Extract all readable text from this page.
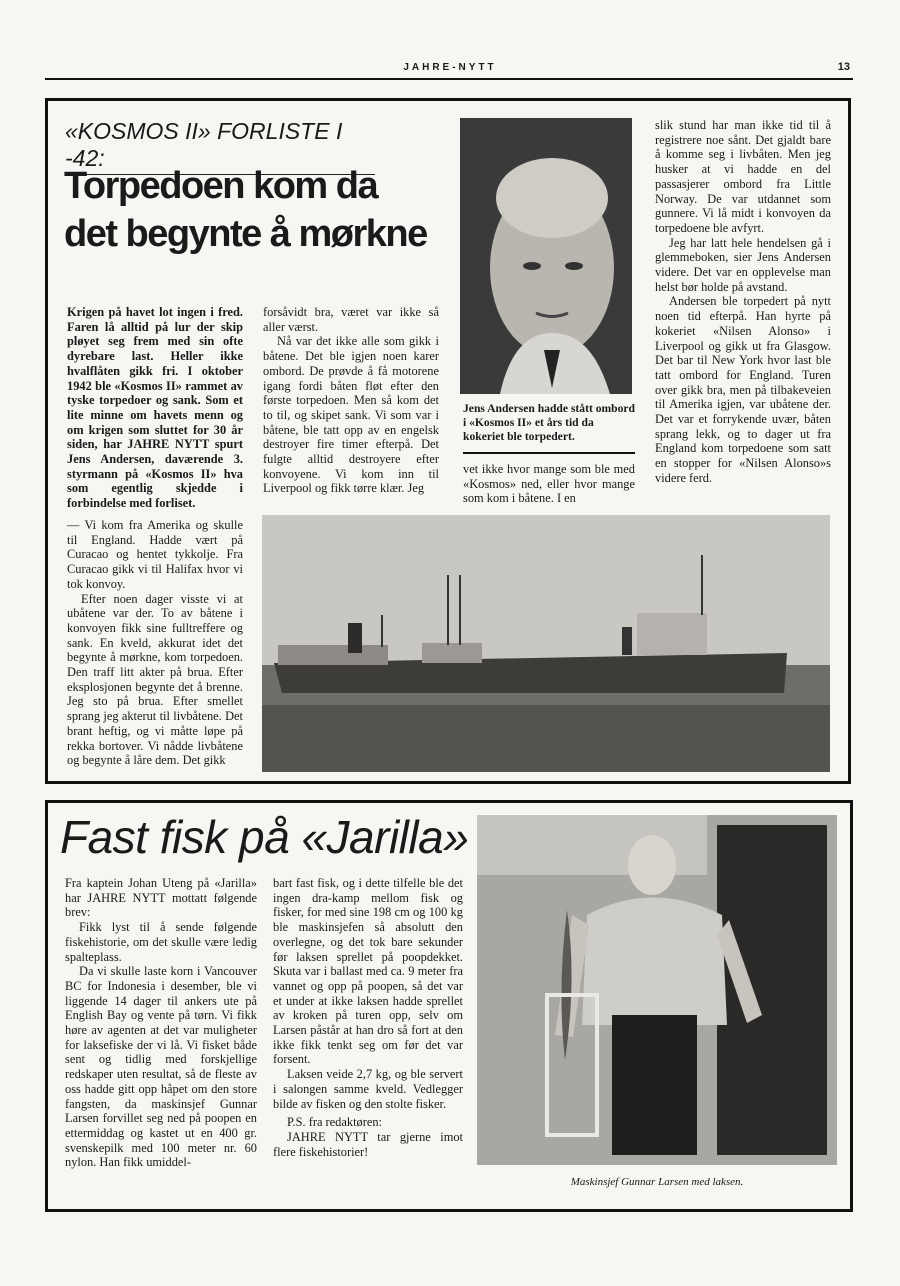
JAHRE-NYTT	13
«KOSMOS II» FORLISTE I -42:
Torpedoen kom da
det begynte å mørkne

Krigen på havet lot ingen i fred. Faren lå alltid på lur der skip pløyet seg frem med sin ofte dyrebare last. Heller ikke hvalflåten gikk fri. I oktober 1942 ble «Kosmos II» rammet av tyske torpedoer og sank. Som et lite minne om havets menn og om krigen som sluttet for 30 år siden, har JAHRE NYTT spurt Jens Andersen, daværende 3. styrmann på «Kosmos II» hva som egentlig skjedde i forbindelse med forliset.

— Vi kom fra Amerika og skulle til England. Hadde vært på Curacao og hentet tykkolje. Fra Curacao gikk vi til Halifax hvor vi tok konvoy.

Efter noen dager visste vi at ubåtene var der. To av båtene i konvoyen fikk sine fulltreffere og sank. En kveld, akkurat idet det begynte å mørkne, kom torpedoen. Den traff litt akter på brua. Efter eksplosjonen begynte det å brenne. Jeg sto på brua. Efter smellet sprang jeg akterut til livbåtene. Det brant heftig, og vi måtte løpe på rekka bortover. Vi nådde livbåtene og begynte å låre dem. Det gikk

forsåvidt bra, været var ikke så aller værst.

Nå var det ikke alle som gikk i båtene. Det ble igjen noen karer ombord. De prøvde å få motorene igang fordi båten fløt efter den første torpedoen. Men så kom det to til, og skipet sank. Vi som var i båtene, ble tatt opp av en engelsk destroyer fire timer efterpå. Det fulgte alltid destroyere efter konvoyene. Vi kom inn til Liverpool og fikk tørre klær. Jeg

Jens Andersen hadde stått ombord i «Kosmos II» et års tid da kokeriet ble torpedert.

vet ikke hvor mange som ble med «Kosmos» ned, eller hvor mange som kom i båtene. I en

slik stund har man ikke tid til å registrere noe sånt. Det gjaldt bare å komme seg i livbåten. Men jeg husker at vi hadde en del passasjerer ombord fra Little Norway. De var utdannet som gunnere. Vi lå midt i konvoyen da torpedoene ble avfyrt.

Jeg har latt hele hendelsen gå i glemmeboken, sier Jens Andersen videre. Det var en opplevelse man helst bør holde på avstand.

Andersen ble torpedert på nytt noen tid efterpå. Han hyrte på kokeriet «Nilsen Alonso» i Liverpool og gikk ut fra Glasgow. Det bar til New York hvor last ble tatt ombord for England. Turen over gikk bra, men på tilbakeveien til Amerika igjen, var ubåtene der. Det var et forrykende uvær, båten sprang lekk, og to dager ut fra England kom torpedoene som satt en stopper for «Nilsen Alonso»s videre ferd.

Fast fisk på «Jarilla»

Fra kaptein Johan Uteng på «Jarilla» har JAHRE NYTT mottatt følgende brev:

Fikk lyst til å sende følgende fiskehistorie, om det skulle være ledig spalteplass.

Da vi skulle laste korn i Vancouver BC for Indonesia i desember, ble vi liggende 14 dager til ankers ute på English Bay og vente på tørn. Vi fikk høre av agenten at det var muligheter for laksefiske der vi lå. Vi fisket både sent og tidlig med forskjellige redskaper uten resultat, så de fleste av oss hadde gitt opp håpet om den store fangsten, da maskinsjef Gunnar Larsen forvillet seg ned på poopen en ettermiddag og kastet ut en 400 gr. svenskepilk med 100 meter nr. 60 nylon. Han fikk umiddel-

bart fast fisk, og i dette tilfelle ble det ingen dra-kamp mellom fisk og fisker, for med sine 198 cm og 100 kg ble maskinsjefen så absolutt den overlegne, og det tok bare sekunder før laksen sprellet på poopdekket. Skuta var i ballast med ca. 9 meter fra vannet og opp på poopen, så det var et under at ikke laksen hadde sprellet av kroken på turen opp, selv om Larsen påstår at han dro så fort at den ikke fikk tenkt seg om før det var forsent.

Laksen veide 2,7 kg, og ble servert i salongen samme kveld. Vedlegger bilde av fisken og den stolte fisker.

P.S. fra redaktøren:

JAHRE NYTT tar gjerne imot flere fiskehistorier!

Maskinsjef Gunnar Larsen med laksen.
